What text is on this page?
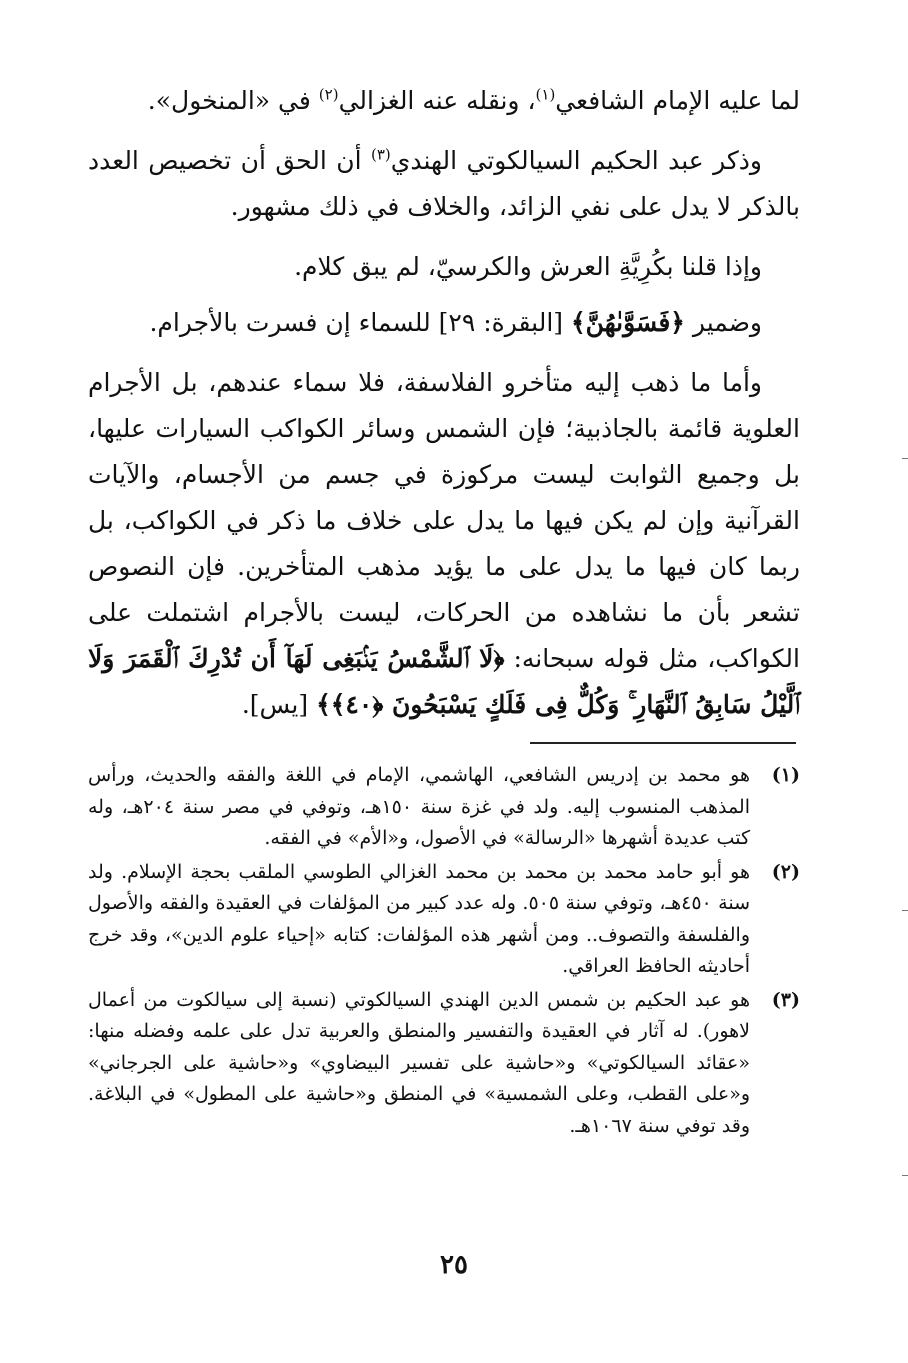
لما عليه الإمام الشافعي$^{(١)}$، ونقله عنه الغزالي$^{(٢)}$ في «المنخول».

وذكر عبد الحكيم السيالكوتي الهندي$^{(٣)}$ أن الحق أن تخصيص العدد بالذكر لا يدل على نفي الزائد، والخلاف في ذلك مشهور.

وإذا قلنا بكُرِيَّةِ العرش والكرسيّ، لم يبق كلام.

وضمير ﴿فَسَوَّىٰهُنَّ﴾ [البقرة: ٢٩] للسماء إن فسرت بالأجرام.

وأما ما ذهب إليه متأخرو الفلاسفة، فلا سماء عندهم، بل الأجرام العلوية قائمة بالجاذبية؛ فإن الشمس وسائر الكواكب السيارات عليها، بل وجميع الثوابت ليست مركوزة في جسم من الأجسام، والآيات القرآنية وإن لم يكن فيها ما يدل على خلاف ما ذكر في الكواكب، بل ربما كان فيها ما يدل على ما يؤيد مذهب المتأخرين. فإن النصوص تشعر بأن ما نشاهده من الحركات، ليست بالأجرام اشتملت على الكواكب، مثل قوله سبحانه: ﴿لَا ٱلشَّمْسُ يَنۢبَغِى لَهَآ أَن تُدْرِكَ ٱلْقَمَرَ وَلَا ٱلَّيْلُ سَابِقُ ٱلنَّهَارِ ۚ وَكُلٌّ فِى فَلَكٍ يَسْبَحُونَ ﴿٤٠﴾﴾ [يس].

(١)
هو محمد بن إدريس الشافعي، الهاشمي، الإمام في اللغة والفقه والحديث، ورأس المذهب المنسوب إليه. ولد في غزة سنة ١٥٠هـ، وتوفي في مصر سنة ٢٠٤هـ، وله كتب عديدة أشهرها «الرسالة» في الأصول، و«الأم» في الفقه.
(٢)
هو أبو حامد محمد بن محمد بن محمد الغزالي الطوسي الملقب بحجة الإسلام. ولد سنة ٤٥٠هـ، وتوفي سنة ٥٠٥. وله عدد كبير من المؤلفات في العقيدة والفقه والأصول والفلسفة والتصوف.. ومن أشهر هذه المؤلفات: كتابه «إحياء علوم الدين»، وقد خرج أحاديثه الحافظ العراقي.
(٣)
هو عبد الحكيم بن شمس الدين الهندي السيالكوتي (نسبة إلى سيالكوت من أعمال لاهور). له آثار في العقيدة والتفسير والمنطق والعربية تدل على علمه وفضله منها: «عقائد السيالكوتي» و«حاشية على تفسير البيضاوي» و«حاشية على الجرجاني» و«على القطب، وعلى الشمسية» في المنطق و«حاشية على المطول» في البلاغة. وقد توفي سنة ١٠٦٧هـ.
٢٥
